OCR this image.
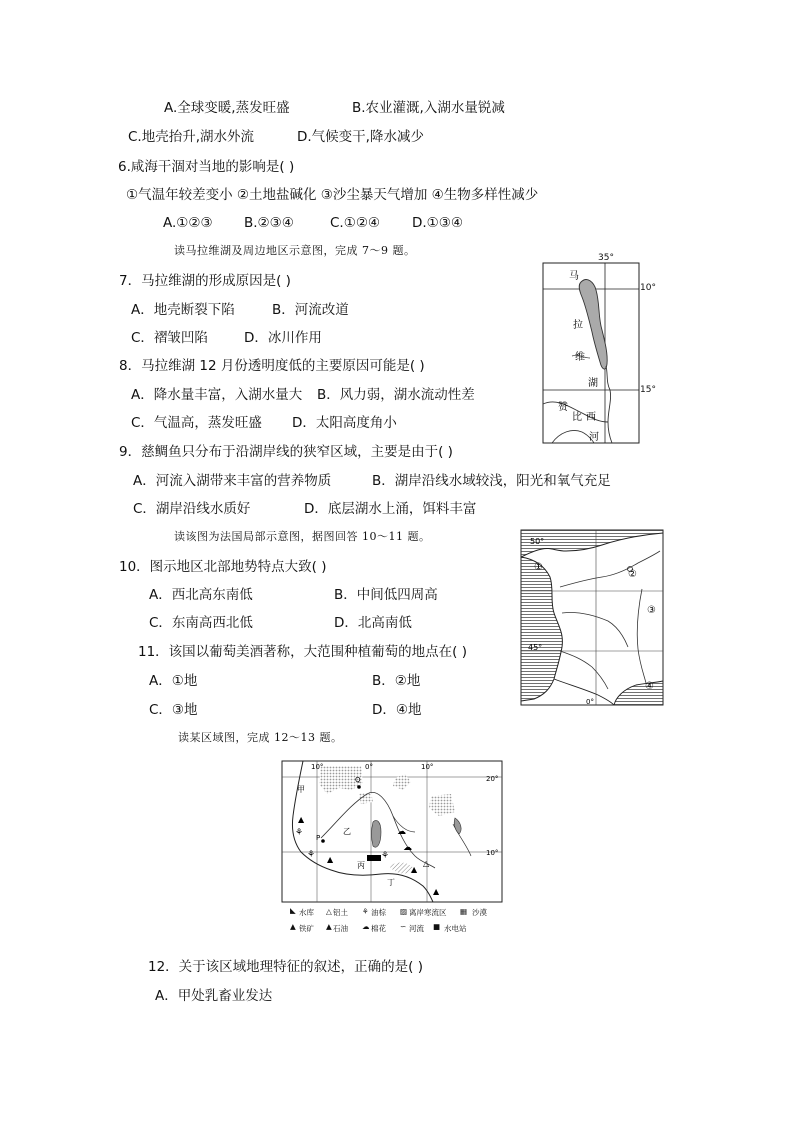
A.全球变暖,蒸发旺盛	B.农业灌溉,入湖水量锐减
C.地壳抬升,湖水外流	D.气候变干,降水减少
6.咸海干涸对当地的影响是( )
①气温年较差变小 ②土地盐碱化 ③沙尘暴天气增加 ④生物多样性减少
A.①②③ B.②③④	C.①②④ D.①③④
读马拉维湖及周边地区示意图，完成 7～9 题。
7．马拉维湖的形成原因是( )
A．地壳断裂下陷	B．河流改道
C．褶皱凹陷	D．冰川作用
8．马拉维湖 12 月份透明度低的主要原因可能是( )
A．降水量丰富，入湖水量大 B．风力弱，湖水流动性差
C．气温高，蒸发旺盛 D．太阳高度角小
9．慈鲷鱼只分布于沿湖岸线的狭窄区域，主要是由于( )
A．河流入湖带来丰富的营养物质	B．湖岸沿线水域较浅，阳光和氧气充足
C．湖岸沿线水质好	D．底层湖水上涌，饵料丰富
读该图为法国局部示意图，据图回答 10～11 题。
10．图示地区北部地势特点大致( )
A．西北高东南低	B．中间低四周高
C．东南高西北低	D．北高南低
11．该国以葡萄美酒著称，大范围种植葡萄的地点在( )
A．①地	B．②地
C．③地	D．④地
读某区域图，完成 12～13 题。
12．关于该区域地理特征的叙述，正确的是( )
A．甲处乳畜业发达
马
拉
维
湖
赞
比 西
河
35°
10°
15°
①
②
③
④
50°
45°
0°
⚘
▲
▲
⚘	⚘
▲
△
▲
☁
☁
甲
乙
丙
丁
Q
P
10°	0°	10°
20°
10°
◣ 水库 △ 铝土 ⚘ 油棕 ▨ 离岸寒流区 ▦ 沙漠
▲ 铁矿 ▲ 石油 ☁ 棉花 ∽ 河流 ■ 水电站
